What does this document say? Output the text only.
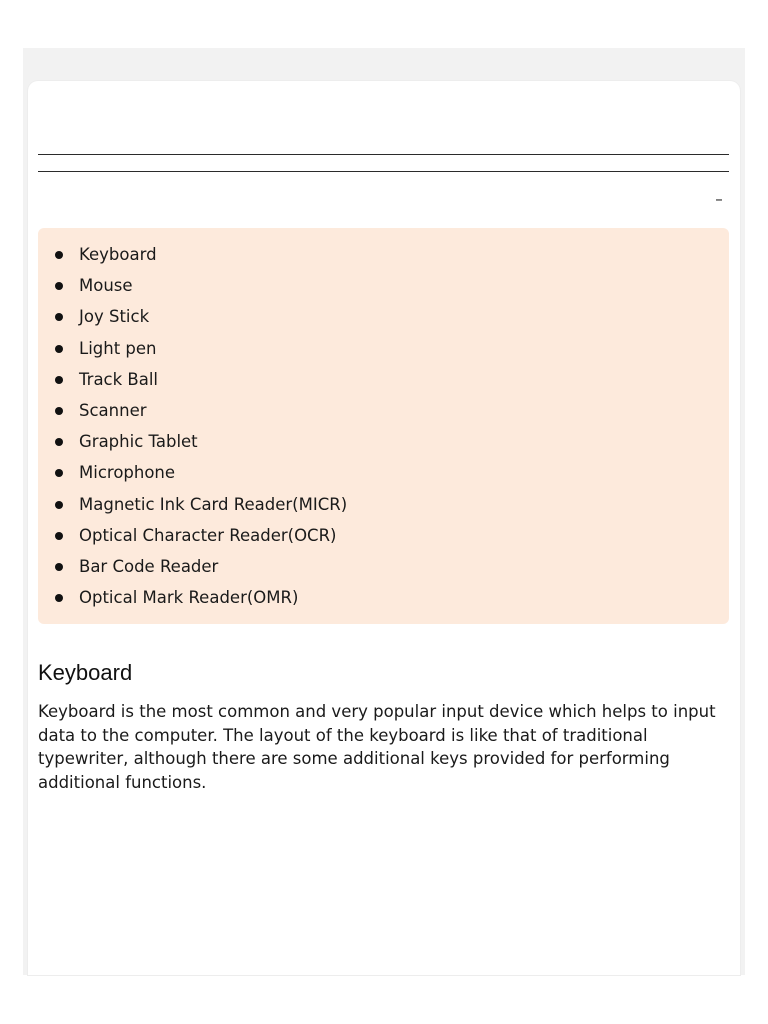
–
Keyboard
Mouse
Joy Stick
Light pen
Track Ball
Scanner
Graphic Tablet
Microphone
Magnetic Ink Card Reader(MICR)
Optical Character Reader(OCR)
Bar Code Reader
Optical Mark Reader(OMR)
Keyboard

Keyboard is the most common and very popular input device which helps to input data to the computer. The layout of the keyboard is like that of traditional typewriter, although there are some additional keys provided for performing additional functions.
